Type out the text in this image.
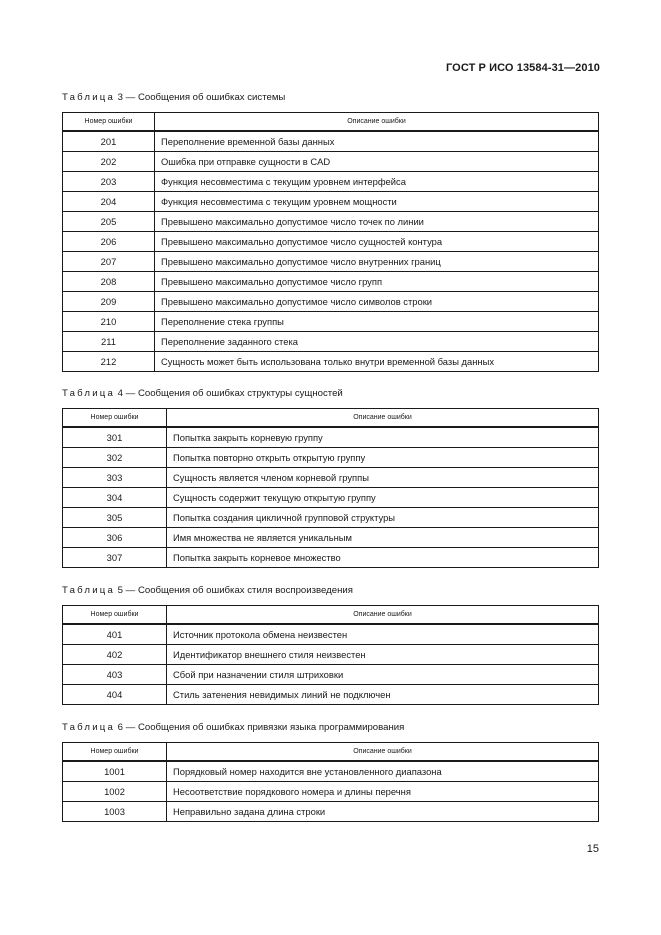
ГОСТ Р ИСО 13584-31—2010
Таблица 3 — Сообщения об ошибках системы
Номер ошибки	Описание ошибки
201	Переполнение временной базы данных
202	Ошибка при отправке сущности в CAD
203	Функция несовместима с текущим уровнем интерфейса
204	Функция несовместима с текущим уровнем мощности
205	Превышено максимально допустимое число точек по линии
206	Превышено максимально допустимое число сущностей контура
207	Превышено максимально допустимое число внутренних границ
208	Превышено максимально допустимое число групп
209	Превышено максимально допустимое число символов строки
210	Переполнение стека группы
211	Переполнение заданного стека
212	Сущность может быть использована только внутри временной базы данных
Таблица 4 — Сообщения об ошибках структуры сущностей
Номер ошибки	Описание ошибки
301	Попытка закрыть корневую группу
302	Попытка повторно открыть открытую группу
303	Сущность является членом корневой группы
304	Сущность содержит текущую открытую группу
305	Попытка создания цикличной групповой структуры
306	Имя множества не является уникальным
307	Попытка закрыть корневое множество
Таблица 5 — Сообщения об ошибках стиля воспроизведения
Номер ошибки	Описание ошибки
401	Источник протокола обмена неизвестен
402	Идентификатор внешнего стиля неизвестен
403	Сбой при назначении стиля штриховки
404	Стиль затенения невидимых линий не подключен
Таблица 6 — Сообщения об ошибках привязки языка программирования
Номер ошибки	Описание ошибки
1001	Порядковый номер находится вне установленного диапазона
1002	Несоответствие порядкового номера и длины перечня
1003	Неправильно задана длина строки
15
